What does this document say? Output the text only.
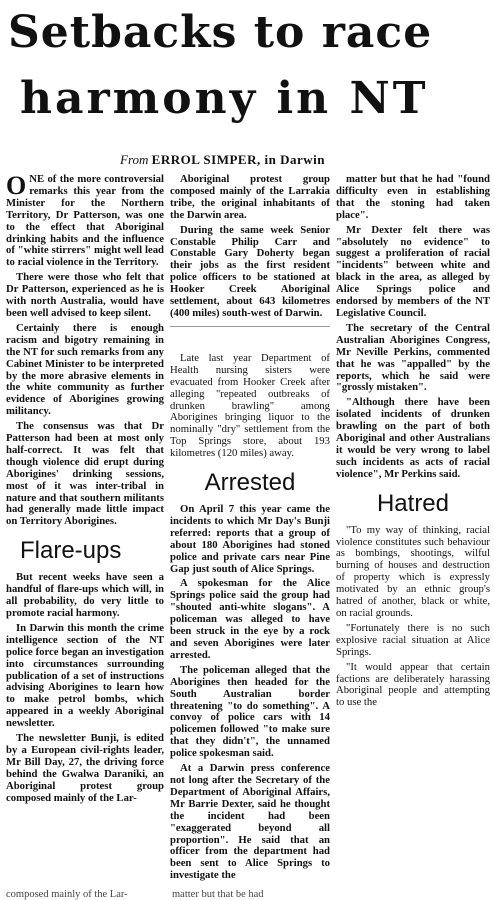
Setbacks to race
harmony in NT
From ERROL SIMPER, in Darwin

ONE of the more controversial remarks this year from the Minister for the Northern Territory, Dr Patterson, was one to the effect that Aboriginal drinking habits and the influence of "white stirrers" might well lead to racial violence in the Territory.

There were those who felt that Dr Patterson, experienced as he is with north Australia, would have been well advised to keep silent.

Certainly there is enough racism and bigotry remaining in the NT for such remarks from any Cabinet Minister to be interpreted by the more abrasive elements in the white community as further evidence of Aborigines growing militancy.

The consensus was that Dr Patterson had been at most only half-correct. It was felt that though violence did erupt during Aborigines' drinking sessions, most of it was inter-tribal in nature and that southern militants had generally made little impact on Territory Aborigines.

Flare-ups

But recent weeks have seen a handful of flare-ups which will, in all probability, do very little to promote racial harmony.

In Darwin this month the crime intelligence section of the NT police force began an investigation into circumstances surrounding publication of a set of instructions advising Aborigines to learn how to make petrol bombs, which appeared in a weekly Aboriginal newsletter.

The newsletter Bunji, is edited by a European civil-rights leader, Mr Bill Day, 27, the driving force behind the Gwalwa Daraniki, an Aboriginal protest group composed mainly of the Lar-

Aboriginal protest group composed mainly of the Larrakia tribe, the original inhabitants of the Darwin area.

During the same week Senior Constable Philip Carr and Constable Gary Doherty began their jobs as the first resident police officers to be stationed at Hooker Creek Aboriginal settlement, about 643 kilometres (400 miles) south-west of Darwin.

Late last year Department of Health nursing sisters were evacuated from Hooker Creek after alleging "repeated outbreaks of drunken brawling" among Aborigines bringing liquor to the nominally "dry" settlement from the Top Springs store, about 193 kilometres (120 miles) away.

Arrested

On April 7 this year came the incidents to which Mr Day's Bunji referred: reports that a group of about 180 Aborigines had stoned police and private cars near Pine Gap just south of Alice Springs.

A spokesman for the Alice Springs police said the group had "shouted anti-white slogans". A policeman was alleged to have been struck in the eye by a rock and seven Aborigines were later arrested.

The policeman alleged that the Aborigines then headed for the South Australian border threatening "to do something". A convoy of police cars with 14 policemen followed "to make sure that they didn't", the unnamed police spokesman said.

At a Darwin press conference not long after the Secretary of the Department of Aboriginal Affairs, Mr Barrie Dexter, said he thought the incident had been "exaggerated beyond all proportion". He said that an officer from the department had been sent to Alice Springs to investigate the

matter but that he had "found difficulty even in establishing that the stoning had taken place".

Mr Dexter felt there was "absolutely no evidence" to suggest a proliferation of racial "incidents" between white and black in the area, as alleged by Alice Springs police and endorsed by members of the NT Legislative Council.

The secretary of the Central Australian Aborigines Congress, Mr Neville Perkins, commented that he was "appalled" by the reports, which he said were "grossly mistaken".

"Although there have been isolated incidents of drunken brawling on the part of both Aboriginal and other Australians it would be very wrong to label such incidents as acts of racial violence", Mr Perkins said.

Hatred

"To my way of thinking, racial violence constitutes such behaviour as bombings, shootings, wilful burning of houses and destruction of property which is expressly motivated by an ethnic group's hatred of another, black or white, on racial grounds.

"Fortunately there is no such explosive racial situation at Alice Springs.

"It would appear that certain factions are deliberately harassing Aboriginal people and attempting to use the

composed mainly of the Lar-	matter but that be had
